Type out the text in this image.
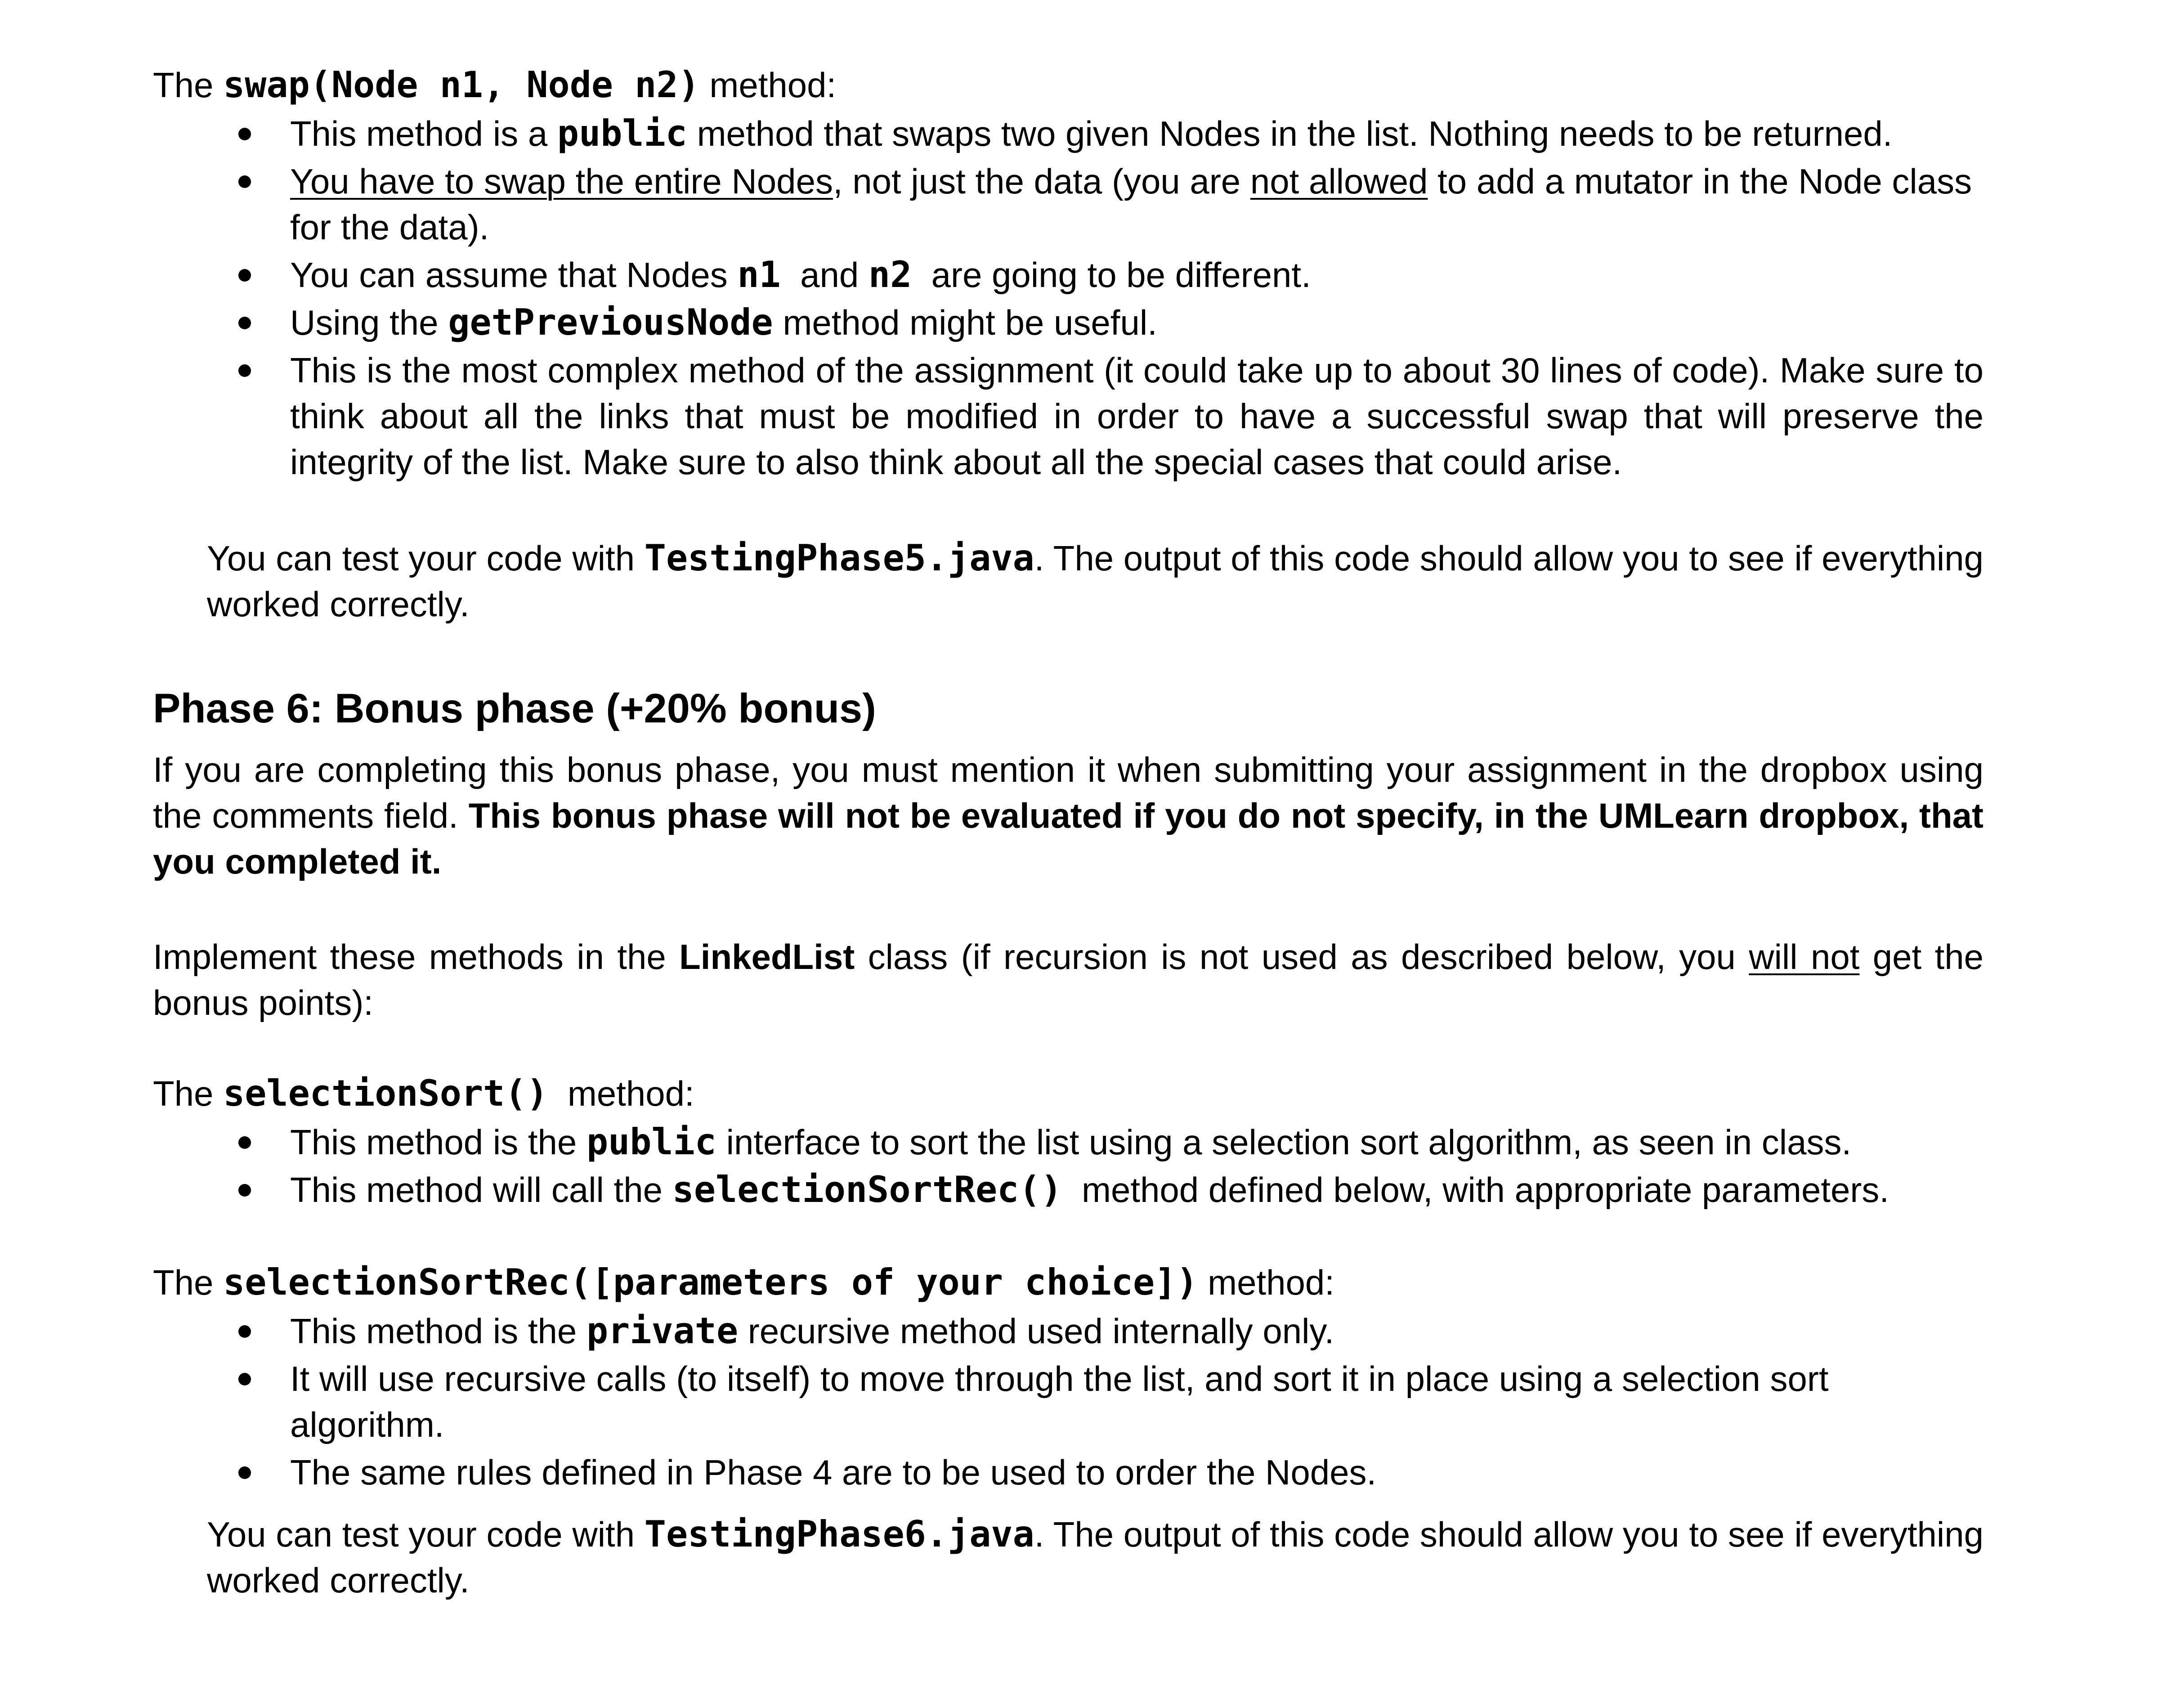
The swap(Node n1, Node n2) method:
This method is a public method that swaps two given Nodes in the list. Nothing needs to be returned.
You have to swap the entire Nodes, not just the data (you are not allowed to add a mutator in the Node class for the data).
You can assume that Nodes n1 and n2 are going to be different.
Using the getPreviousNode method might be useful.
This is the most complex method of the assignment (it could take up to about 30 lines of code). Make sure to think about all the links that must be modified in order to have a successful swap that will preserve the integrity of the list. Make sure to also think about all the special cases that could arise.
You can test your code with TestingPhase5.java. The output of this code should allow you to see if everything worked correctly.
Phase 6: Bonus phase (+20% bonus)
If you are completing this bonus phase, you must mention it when submitting your assignment in the dropbox using the comments field. This bonus phase will not be evaluated if you do not specify, in the UMLearn dropbox, that you completed it.
Implement these methods in the LinkedList class (if recursion is not used as described below, you will not get the bonus points):
The selectionSort() method:
This method is the public interface to sort the list using a selection sort algorithm, as seen in class.
This method will call the selectionSortRec() method defined below, with appropriate parameters.
The selectionSortRec([parameters of your choice]) method:
This method is the private recursive method used internally only.
It will use recursive calls (to itself) to move through the list, and sort it in place using a selection sort algorithm.
The same rules defined in Phase 4 are to be used to order the Nodes.
You can test your code with TestingPhase6.java. The output of this code should allow you to see if everything worked correctly.
